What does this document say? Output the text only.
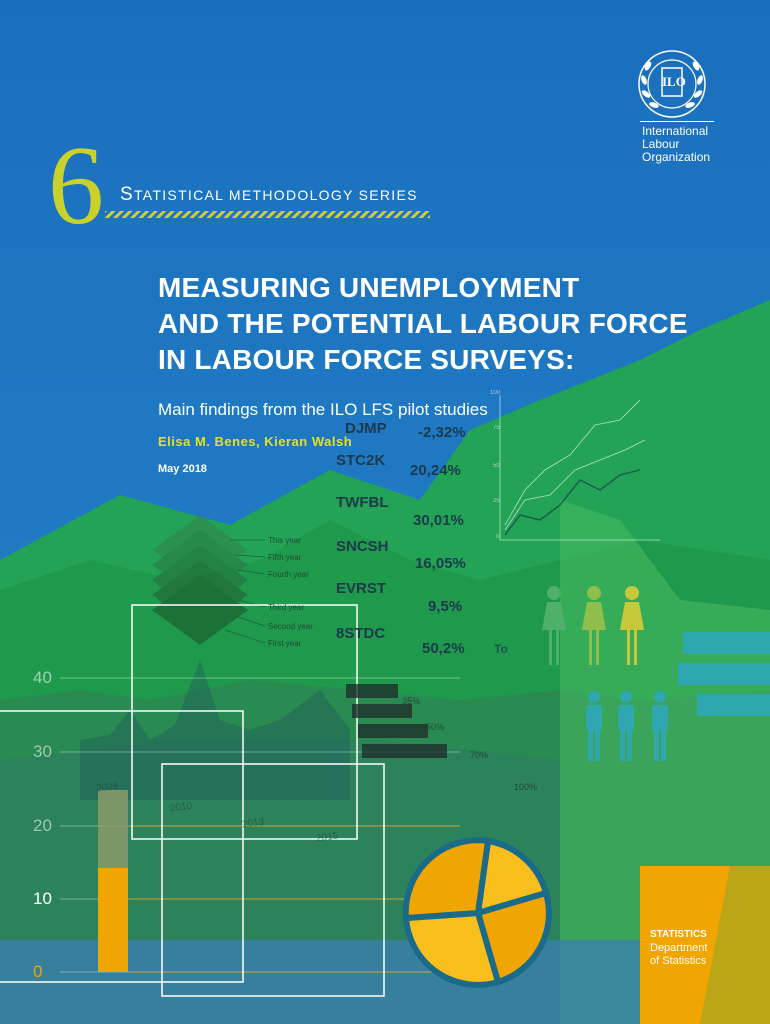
DJMP -2,32%
STC2K
20,24%
TWFBL
30,01%
SNCSH
16,05%
EVRST
9,5%
8STDC
50,2%
This year
Fifth year
Fourth year
Third year
Second year
First year
100
75
50
25
0
35%
50%
70%
100%
To
2008
2010
2013
2015
40
30
20
10
0
International
Labour
Organization
6 STATISTICAL METHODOLOGY SERIES
MEASURING UNEMPLOYMENT
AND THE POTENTIAL LABOUR FORCE
IN LABOUR FORCE SURVEYS:
Main findings from the ILO LFS pilot studies
Elisa M. Benes, Kieran Walsh
May 2018
STATISTICS
Department
of Statistics
ILO
